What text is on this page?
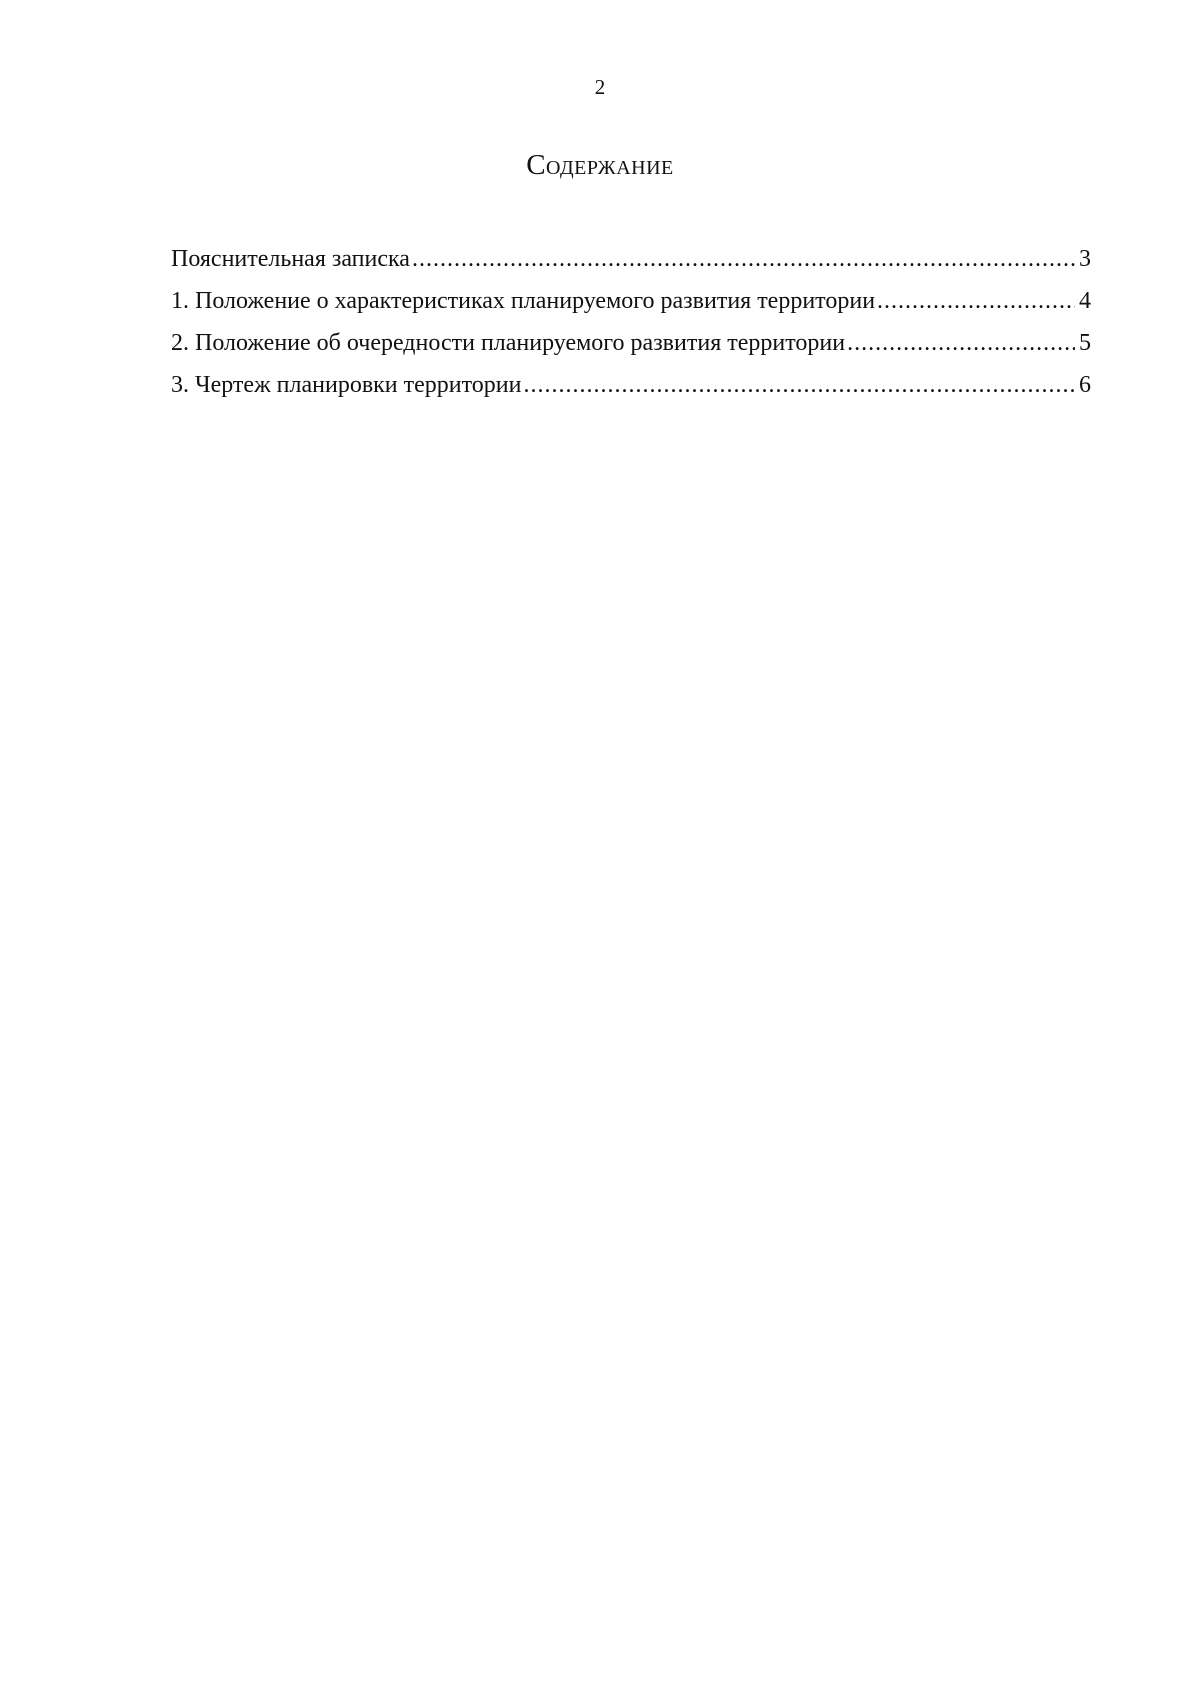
2
Содержание
Пояснительная записка .....	3
1. Положение о характеристиках планируемого развития территории .....	4
2. Положение об очередности планируемого развития территории .....	5
3. Чертеж планировки территории .....	6
